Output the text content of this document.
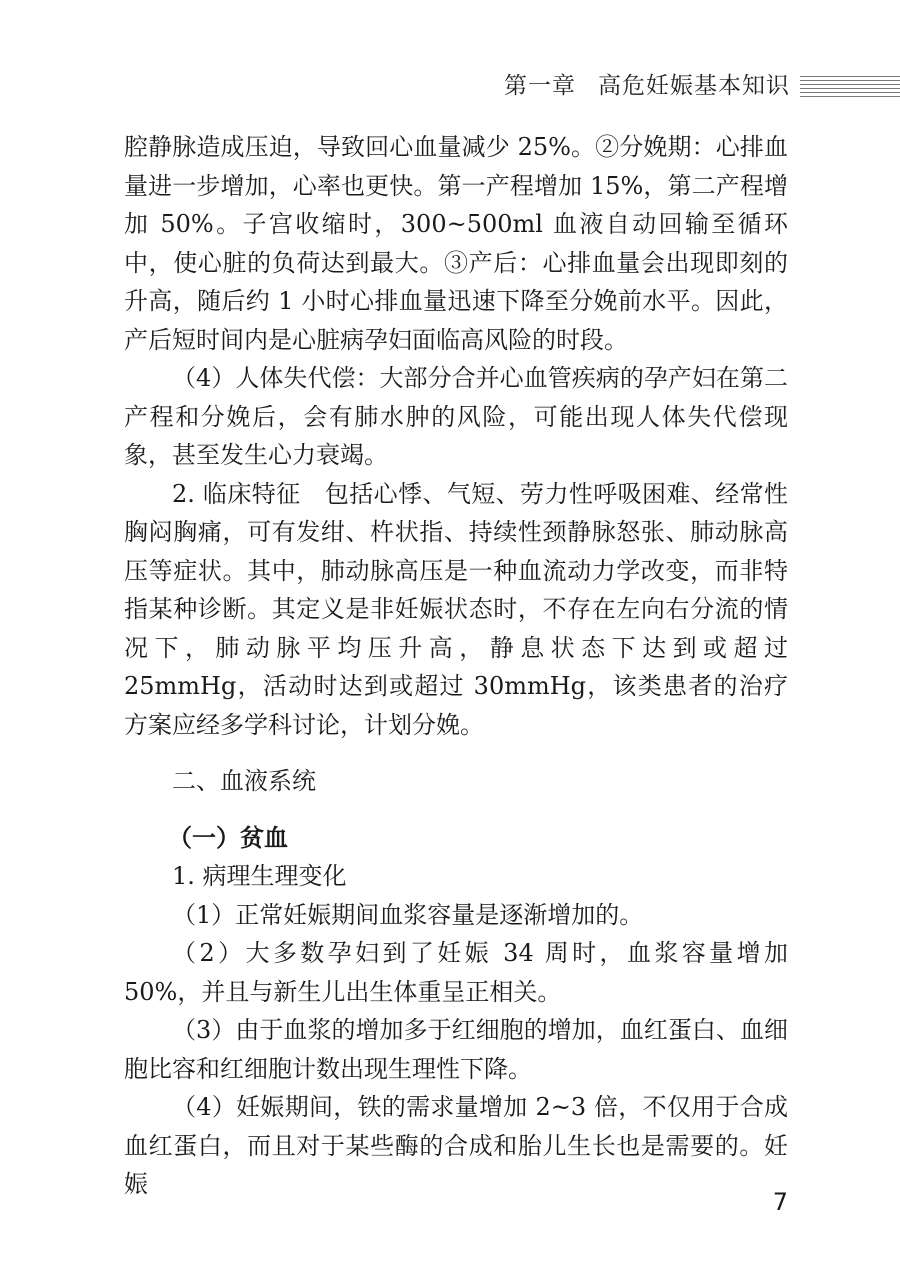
第一章 高危妊娠基本知识

腔静脉造成压迫，导致回心血量减少 25%。②分娩期：心排血量进一步增加，心率也更快。第一产程增加 15%，第二产程增加 50%。子宫收缩时，300~500ml 血液自动回输至循环中，使心脏的负荷达到最大。③产后：心排血量会出现即刻的升高，随后约 1 小时心排血量迅速下降至分娩前水平。因此，产后短时间内是心脏病孕妇面临高风险的时段。

（4）人体失代偿：大部分合并心血管疾病的孕产妇在第二产程和分娩后，会有肺水肿的风险，可能出现人体失代偿现象，甚至发生心力衰竭。

2. 临床特征　包括心悸、气短、劳力性呼吸困难、经常性胸闷胸痛，可有发绀、杵状指、持续性颈静脉怒张、肺动脉高压等症状。其中，肺动脉高压是一种血流动力学改变，而非特指某种诊断。其定义是非妊娠状态时，不存在左向右分流的情况下，肺动脉平均压升高，静息状态下达到或超过 25mmHg，活动时达到或超过 30mmHg，该类患者的治疗方案应经多学科讨论，计划分娩。

二、血液系统

（一）贫血

1. 病理生理变化

（1）正常妊娠期间血浆容量是逐渐增加的。

（2）大多数孕妇到了妊娠 34 周时，血浆容量增加 50%，并且与新生儿出生体重呈正相关。

（3）由于血浆的增加多于红细胞的增加，血红蛋白、血细胞比容和红细胞计数出现生理性下降。

（4）妊娠期间，铁的需求量增加 2~3 倍，不仅用于合成血红蛋白，而且对于某些酶的合成和胎儿生长也是需要的。妊娠

7
